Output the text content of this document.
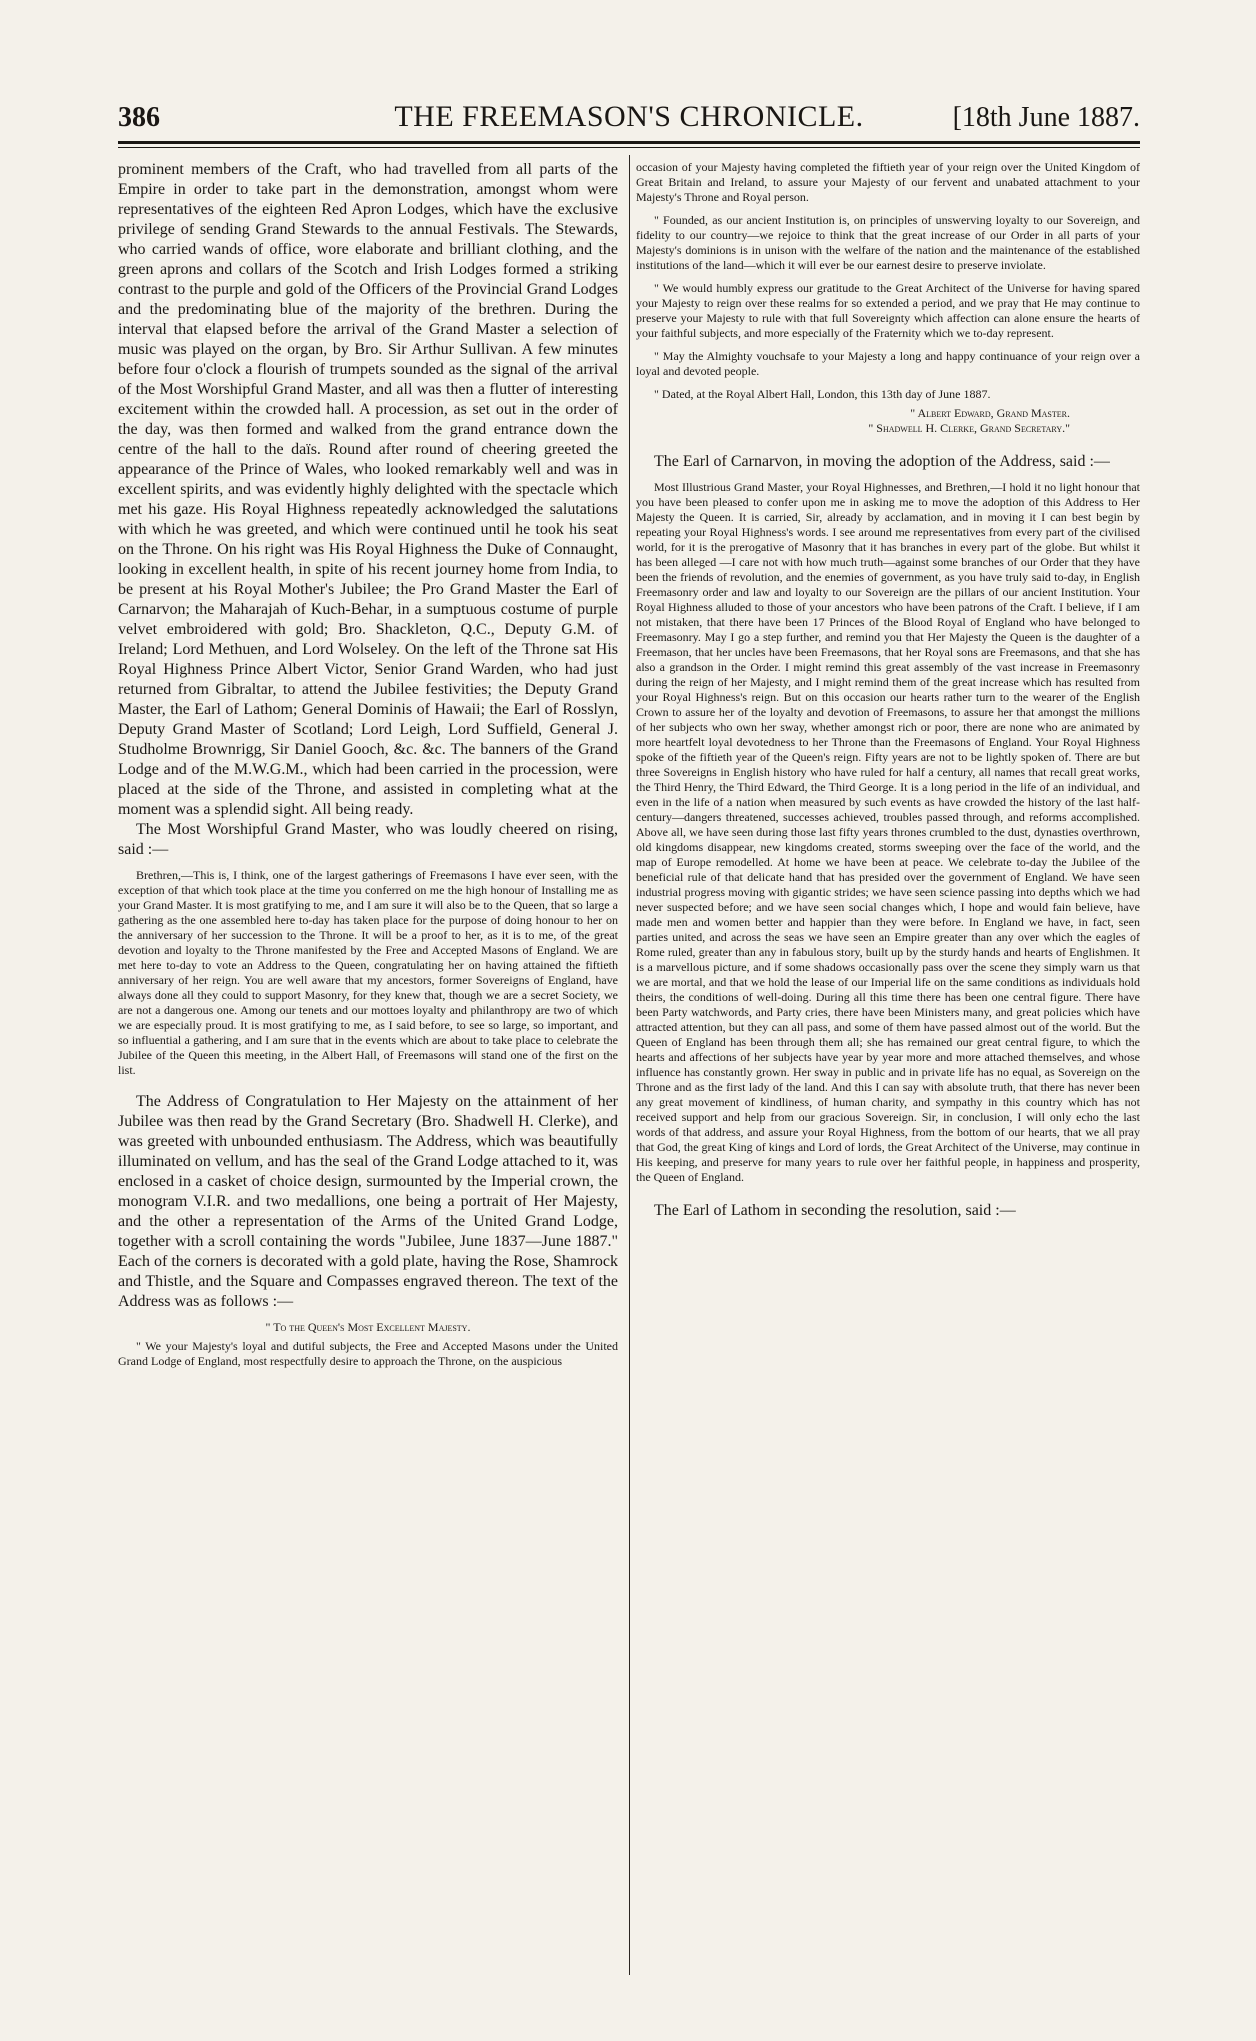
386	THE FREEMASON'S CHRONICLE.	[18th June 1887.

prominent members of the Craft, who had travelled from all parts of the Empire in order to take part in the demonstration, amongst whom were representatives of the eighteen Red Apron Lodges, which have the exclusive privilege of sending Grand Stewards to the annual Festivals. The Stewards, who carried wands of office, wore elaborate and brilliant clothing, and the green aprons and collars of the Scotch and Irish Lodges formed a striking contrast to the purple and gold of the Officers of the Provincial Grand Lodges and the predominating blue of the majority of the brethren. During the interval that elapsed before the arrival of the Grand Master a selection of music was played on the organ, by Bro. Sir Arthur Sullivan. A few minutes before four o'clock a flourish of trumpets sounded as the signal of the arrival of the Most Worshipful Grand Master, and all was then a flutter of interesting excitement within the crowded hall. A procession, as set out in the order of the day, was then formed and walked from the grand entrance down the centre of the hall to the daïs. Round after round of cheering greeted the appearance of the Prince of Wales, who looked remarkably well and was in excellent spirits, and was evidently highly delighted with the spectacle which met his gaze. His Royal Highness repeatedly acknowledged the salutations with which he was greeted, and which were continued until he took his seat on the Throne. On his right was His Royal Highness the Duke of Connaught, looking in excellent health, in spite of his recent journey home from India, to be present at his Royal Mother's Jubilee; the Pro Grand Master the Earl of Carnarvon; the Maharajah of Kuch-Behar, in a sumptuous costume of purple velvet embroidered with gold; Bro. Shackleton, Q.C., Deputy G.M. of Ireland; Lord Methuen, and Lord Wolseley. On the left of the Throne sat His Royal Highness Prince Albert Victor, Senior Grand Warden, who had just returned from Gibraltar, to attend the Jubilee festivities; the Deputy Grand Master, the Earl of Lathom; General Dominis of Hawaii; the Earl of Rosslyn, Deputy Grand Master of Scotland; Lord Leigh, Lord Suffield, General J. Studholme Brownrigg, Sir Daniel Gooch, &c. &c. The banners of the Grand Lodge and of the M.W.G.M., which had been carried in the procession, were placed at the side of the Throne, and assisted in completing what at the moment was a splendid sight. All being ready.

The Most Worshipful Grand Master, who was loudly cheered on rising, said :—

Brethren,—This is, I think, one of the largest gatherings of Freemasons I have ever seen, with the exception of that which took place at the time you conferred on me the high honour of Installing me as your Grand Master. It is most gratifying to me, and I am sure it will also be to the Queen, that so large a gathering as the one assembled here to-day has taken place for the purpose of doing honour to her on the anniversary of her succession to the Throne. It will be a proof to her, as it is to me, of the great devotion and loyalty to the Throne manifested by the Free and Accepted Masons of England. We are met here to-day to vote an Address to the Queen, congratulating her on having attained the fiftieth anniversary of her reign. You are well aware that my ancestors, former Sovereigns of England, have always done all they could to support Masonry, for they knew that, though we are a secret Society, we are not a dangerous one. Among our tenets and our mottoes loyalty and philanthropy are two of which we are especially proud. It is most gratifying to me, as I said before, to see so large, so important, and so influential a gathering, and I am sure that in the events which are about to take place to celebrate the Jubilee of the Queen this meeting, in the Albert Hall, of Freemasons will stand one of the first on the list.

The Address of Congratulation to Her Majesty on the attainment of her Jubilee was then read by the Grand Secretary (Bro. Shadwell H. Clerke), and was greeted with unbounded enthusiasm. The Address, which was beautifully illuminated on vellum, and has the seal of the Grand Lodge attached to it, was enclosed in a casket of choice design, surmounted by the Imperial crown, the monogram V.I.R. and two medallions, one being a portrait of Her Majesty, and the other a representation of the Arms of the United Grand Lodge, together with a scroll containing the words "Jubilee, June 1837—June 1887." Each of the corners is decorated with a gold plate, having the Rose, Shamrock and Thistle, and the Square and Compasses engraved thereon. The text of the Address was as follows :—

" To the Queen's Most Excellent Majesty.

" We your Majesty's loyal and dutiful subjects, the Free and Accepted Masons under the United Grand Lodge of England, most respectfully desire to approach the Throne, on the auspicious

occasion of your Majesty having completed the fiftieth year of your reign over the United Kingdom of Great Britain and Ireland, to assure your Majesty of our fervent and unabated attachment to your Majesty's Throne and Royal person.

" Founded, as our ancient Institution is, on principles of unswerving loyalty to our Sovereign, and fidelity to our country—we rejoice to think that the great increase of our Order in all parts of your Majesty's dominions is in unison with the welfare of the nation and the maintenance of the established institutions of the land—which it will ever be our earnest desire to preserve inviolate.

" We would humbly express our gratitude to the Great Architect of the Universe for having spared your Majesty to reign over these realms for so extended a period, and we pray that He may continue to preserve your Majesty to rule with that full Sovereignty which affection can alone ensure the hearts of your faithful subjects, and more especially of the Fraternity which we to-day represent.

" May the Almighty vouchsafe to your Majesty a long and happy continuance of your reign over a loyal and devoted people.

" Dated, at the Royal Albert Hall, London, this 13th day of June 1887.

" Albert Edward, Grand Master.

" Shadwell H. Clerke, Grand Secretary."

The Earl of Carnarvon, in moving the adoption of the Address, said :—

Most Illustrious Grand Master, your Royal Highnesses, and Brethren,—I hold it no light honour that you have been pleased to confer upon me in asking me to move the adoption of this Address to Her Majesty the Queen. It is carried, Sir, already by acclamation, and in moving it I can best begin by repeating your Royal Highness's words. I see around me representatives from every part of the civilised world, for it is the prerogative of Masonry that it has branches in every part of the globe. But whilst it has been alleged —I care not with how much truth—against some branches of our Order that they have been the friends of revolution, and the enemies of government, as you have truly said to-day, in English Freemasonry order and law and loyalty to our Sovereign are the pillars of our ancient Institution. Your Royal Highness alluded to those of your ancestors who have been patrons of the Craft. I believe, if I am not mistaken, that there have been 17 Princes of the Blood Royal of England who have belonged to Freemasonry. May I go a step further, and remind you that Her Majesty the Queen is the daughter of a Freemason, that her uncles have been Freemasons, that her Royal sons are Freemasons, and that she has also a grandson in the Order. I might remind this great assembly of the vast increase in Freemasonry during the reign of her Majesty, and I might remind them of the great increase which has resulted from your Royal Highness's reign. But on this occasion our hearts rather turn to the wearer of the English Crown to assure her of the loyalty and devotion of Freemasons, to assure her that amongst the millions of her subjects who own her sway, whether amongst rich or poor, there are none who are animated by more heartfelt loyal devotedness to her Throne than the Freemasons of England. Your Royal Highness spoke of the fiftieth year of the Queen's reign. Fifty years are not to be lightly spoken of. There are but three Sovereigns in English history who have ruled for half a century, all names that recall great works, the Third Henry, the Third Edward, the Third George. It is a long period in the life of an individual, and even in the life of a nation when measured by such events as have crowded the history of the last half-century—dangers threatened, successes achieved, troubles passed through, and reforms accomplished. Above all, we have seen during those last fifty years thrones crumbled to the dust, dynasties overthrown, old kingdoms disappear, new kingdoms created, storms sweeping over the face of the world, and the map of Europe remodelled. At home we have been at peace. We celebrate to-day the Jubilee of the beneficial rule of that delicate hand that has presided over the government of England. We have seen industrial progress moving with gigantic strides; we have seen science passing into depths which we had never suspected before; and we have seen social changes which, I hope and would fain believe, have made men and women better and happier than they were before. In England we have, in fact, seen parties united, and across the seas we have seen an Empire greater than any over which the eagles of Rome ruled, greater than any in fabulous story, built up by the sturdy hands and hearts of Englishmen. It is a marvellous picture, and if some shadows occasionally pass over the scene they simply warn us that we are mortal, and that we hold the lease of our Imperial life on the same conditions as individuals hold theirs, the conditions of well-doing. During all this time there has been one central figure. There have been Party watchwords, and Party cries, there have been Ministers many, and great policies which have attracted attention, but they can all pass, and some of them have passed almost out of the world. But the Queen of England has been through them all; she has remained our great central figure, to which the hearts and affections of her subjects have year by year more and more attached themselves, and whose influence has constantly grown. Her sway in public and in private life has no equal, as Sovereign on the Throne and as the first lady of the land. And this I can say with absolute truth, that there has never been any great movement of kindliness, of human charity, and sympathy in this country which has not received support and help from our gracious Sovereign. Sir, in conclusion, I will only echo the last words of that address, and assure your Royal Highness, from the bottom of our hearts, that we all pray that God, the great King of kings and Lord of lords, the Great Architect of the Universe, may continue in His keeping, and preserve for many years to rule over her faithful people, in happiness and prosperity, the Queen of England.

The Earl of Lathom in seconding the resolution, said :—
